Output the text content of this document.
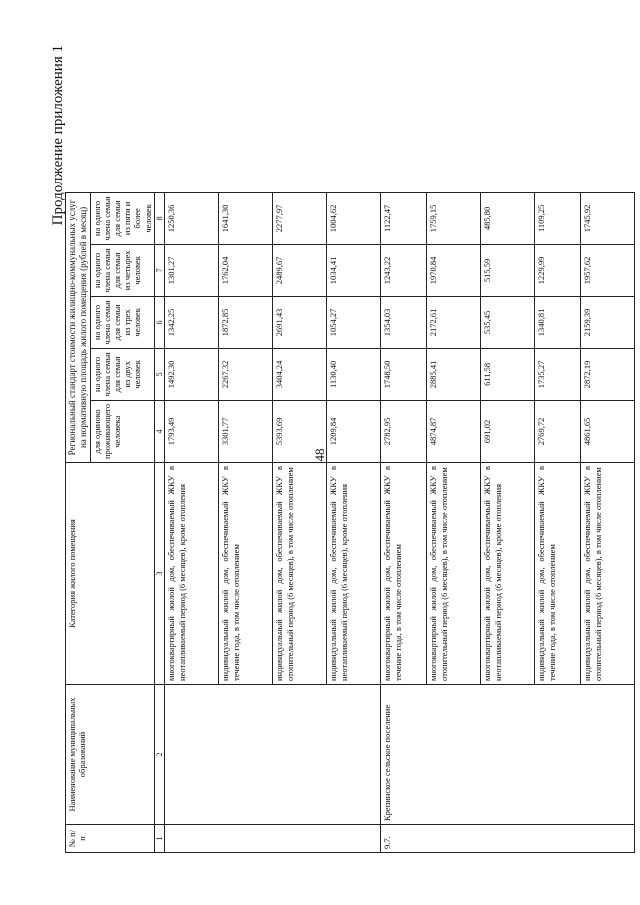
48
Продолжение приложения 1
№ п/п	Наименование муниципальных образований	Категория жилого помещения	Региональный стандарт стоимости жилищно-коммунальных услуг на нормативную площадь жилого помещения (рублей в месяц)				
			для одиноко проживающего человека	на одного члена семьи для семьи из двух человек	на одного члена семьи для семьи из трех человек	на одного члена семьи для семьи из четырех человек	на одного члена семьи для семьи из пяти и более человек
1	2	3	4	5	6	7	8
		многоквартирный жилой дом, обеспечиваемый ЖКУ в неотапливаемый период (6 месяцев), кроме отопления	1793,49	1492,30	1342,25	1301,27	1250,36
		индивидуальный жилой дом, обеспечиваемый ЖКУ в течение года, в том числе отоплением	3301,77	2267,32	1872,85	1762,04	1641,30
		индивидуальный жилой дом, обеспечиваемый ЖКУ в отопительный период (6 месяцев), в том числе отоплением	5393,69	3404,24	2691,43	2489,67	2277,97
		индивидуальный жилой дом, обеспечиваемый ЖКУ в неотапливаемый период (6 месяцев), кроме отопления	1209,84	1130,40	1054,27	1034,41	1004,62
9.7.	Крепинское сельское поселение	многоквартирный жилой дом, обеспечиваемый ЖКУ в течение года, в том числе отоплением	2782,95	1748,50	1354,03	1243,22	1122,47
		многоквартирный жилой дом, обеспечиваемый ЖКУ в отопительный период (6 месяцев), в том числе отоплением	4874,87	2885,41	2172,61	1970,84	1759,15
		многоквартирный жилой дом, обеспечиваемый ЖКУ в неотапливаемый период (6 месяцев), кроме отопления	691,02	611,58	535,45	515,59	485,80
		индивидуальный жилой дом, обеспечиваемый ЖКУ в течение года, в том числе отоплением	2769,72	1735,27	1340,81	1229,99	1109,25
		индивидуальный жилой дом, обеспечиваемый ЖКУ в отопительный период (6 месяцев), в том числе отоплением	4861,65	2872,19	2159,39	1957,62	1745,92
